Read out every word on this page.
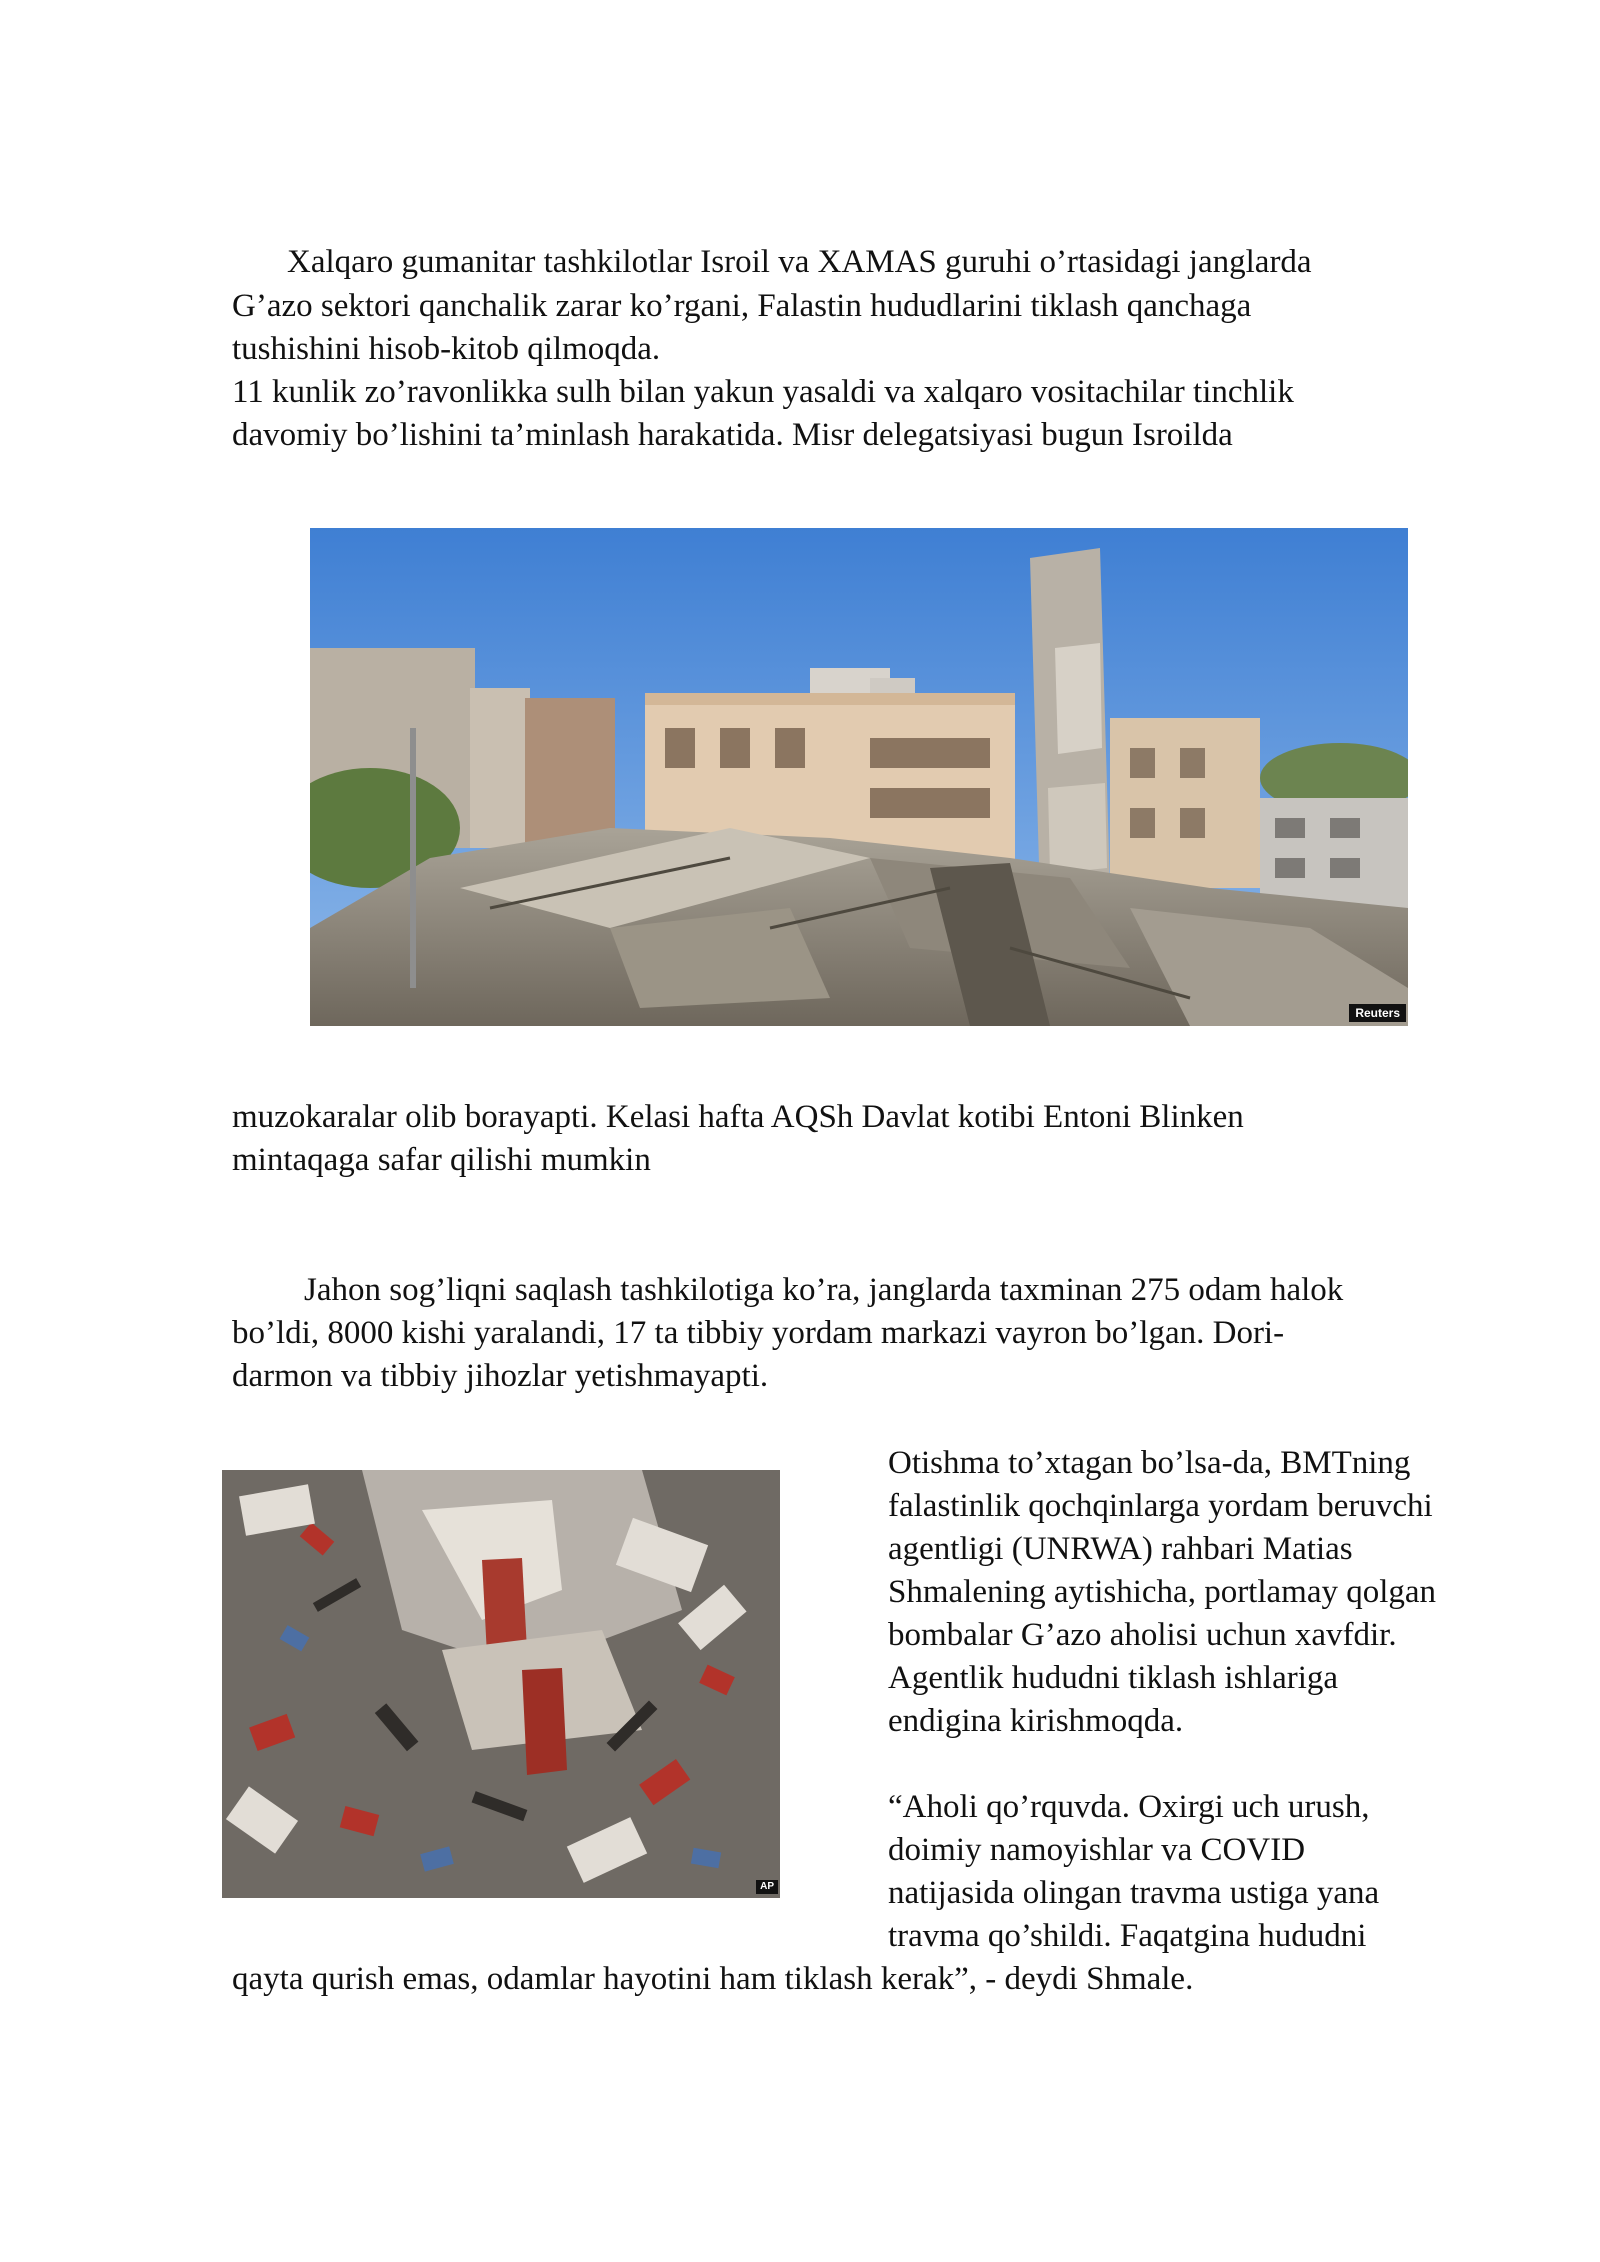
Xalqaro gumanitar tashkilotlar Isroil va XAMAS guruhi o’rtasidagi janglarda

G’azo sektori qanchalik zarar ko’rgani, Falastin hududlarini tiklash qanchaga

tushishini hisob-kitob qilmoqda.

11 kunlik zo’ravonlikka sulh bilan yakun yasaldi va xalqaro vositachilar tinchlik

davomiy bo’lishini ta’minlash harakatida. Misr delegatsiyasi bugun Isroilda

Reuters

muzokaralar olib borayapti. Kelasi hafta AQSh Davlat kotibi Entoni Blinken

mintaqaga safar qilishi mumkin

Jahon sog’liqni saqlash tashkilotiga ko’ra, janglarda taxminan 275 odam halok

bo’ldi, 8000 kishi yaralandi, 17 ta tibbiy yordam markazi vayron bo’lgan. Dori-

darmon va tibbiy jihozlar yetishmayapti.

AP

Otishma to’xtagan bo’lsa-da, BMTning

falastinlik qochqinlarga yordam beruvchi

agentligi (UNRWA) rahbari Matias

Shmalening aytishicha, portlamay qolgan

bombalar G’azo aholisi uchun xavfdir.

Agentlik hududni tiklash ishlariga

endigina kirishmoqda.

“Aholi qo’rquvda. Oxirgi uch urush,

doimiy namoyishlar va COVID

natijasida olingan travma ustiga yana

travma qo’shildi. Faqatgina hududni

qayta qurish emas, odamlar hayotini ham tiklash kerak”, - deydi Shmale.
